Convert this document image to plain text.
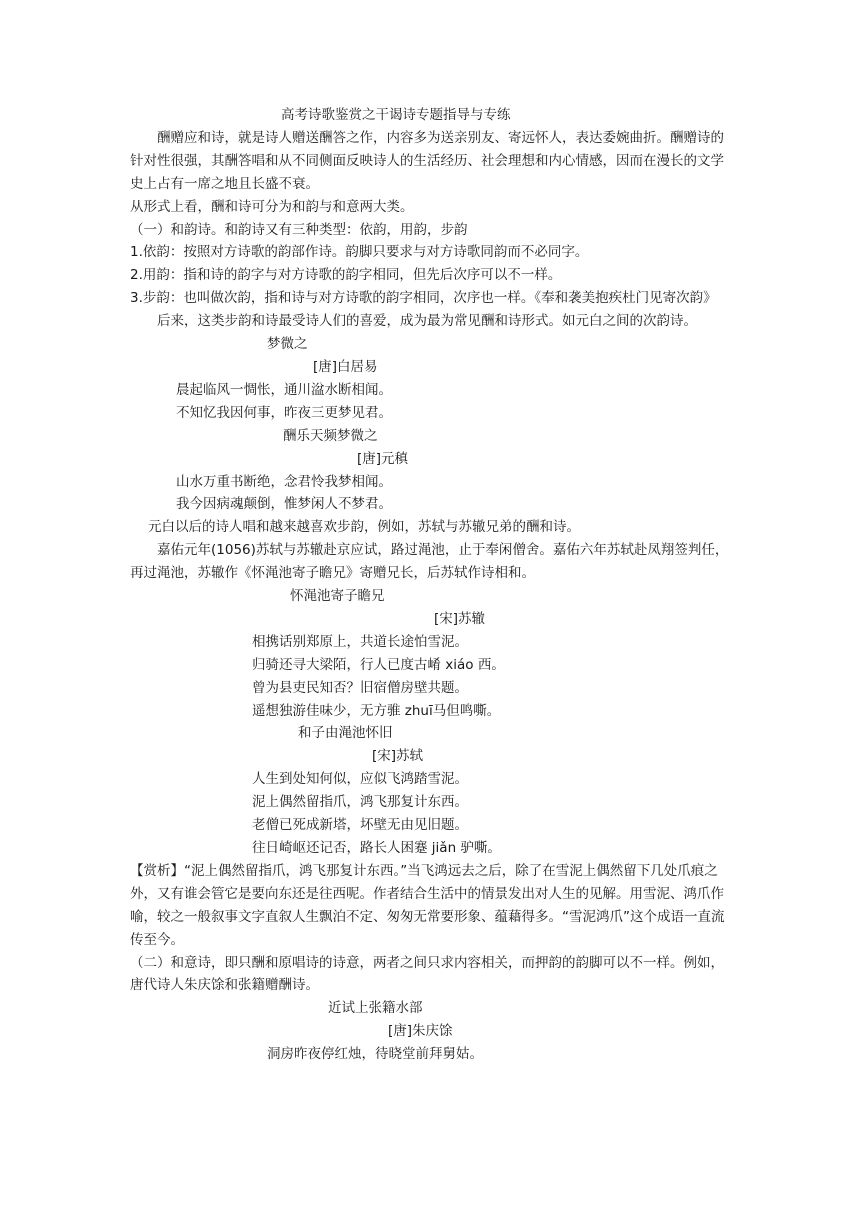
高考诗歌鉴赏之干谒诗专题指导与专练
酬赠应和诗，就是诗人赠送酬答之作，内容多为送亲别友、寄远怀人，表达委婉曲折。酬赠诗的针对性很强，其酬答唱和从不同侧面反映诗人的生活经历、社会理想和内心情感，因而在漫长的文学史上占有一席之地且长盛不衰。
从形式上看，酬和诗可分为和韵与和意两大类。
（一）和韵诗。和韵诗又有三种类型：依韵，用韵，步韵
1.依韵：按照对方诗歌的韵部作诗。韵脚只要求与对方诗歌同韵而不必同字。
2.用韵：指和诗的韵字与对方诗歌的韵字相同，但先后次序可以不一样。
3.步韵：也叫做次韵，指和诗与对方诗歌的韵字相同，次序也一样。《奉和袭美抱疾杜门见寄次韵》
后来，这类步韵和诗最受诗人们的喜爱，成为最为常见酬和诗形式。如元白之间的次韵诗。
梦微之
[唐]白居易
晨起临风一惆怅，通川湓水断相闻。
不知忆我因何事，昨夜三更梦见君。
酬乐天频梦微之
[唐]元稹
山水万重书断绝，念君怜我梦相闻。
我今因病魂颠倒，惟梦闲人不梦君。
元白以后的诗人唱和越来越喜欢步韵，例如，苏轼与苏辙兄弟的酬和诗。
嘉佑元年(1056)苏轼与苏辙赴京应试，路过渑池，止于奉闲僧舍。嘉佑六年苏轼赴凤翔签判任，再过渑池，苏辙作《怀渑池寄子瞻兄》寄赠兄长，后苏轼作诗相和。
怀渑池寄子瞻兄
[宋]苏辙
相携话别郑原上，共道长途怕雪泥。
归骑还寻大梁陌，行人已度古崤 xiáo 西。
曾为县吏民知否？旧宿僧房壁共题。
遥想独游佳味少，无方骓 zhuī马但鸣嘶。
和子由渑池怀旧
[宋]苏轼
人生到处知何似，应似飞鸿踏雪泥。
泥上偶然留指爪，鸿飞那复计东西。
老僧已死成新塔，坏壁无由见旧题。
往日崎岖还记否，路长人困蹇 jiǎn 驴嘶。
【赏析】“泥上偶然留指爪，鸿飞那复计东西。”当飞鸿远去之后，除了在雪泥上偶然留下几处爪痕之外，又有谁会管它是要向东还是往西呢。作者结合生活中的情景发出对人生的见解。用雪泥、鸿爪作喻，较之一般叙事文字直叙人生飘泊不定、匆匆无常要形象、蕴藉得多。“雪泥鸿爪”这个成语一直流传至今。
（二）和意诗，即只酬和原唱诗的诗意，两者之间只求内容相关，而押韵的韵脚可以不一样。例如，唐代诗人朱庆馀和张籍赠酬诗。
近试上张籍水部
[唐]朱庆馀
洞房昨夜停红烛，待晓堂前拜舅姑。
